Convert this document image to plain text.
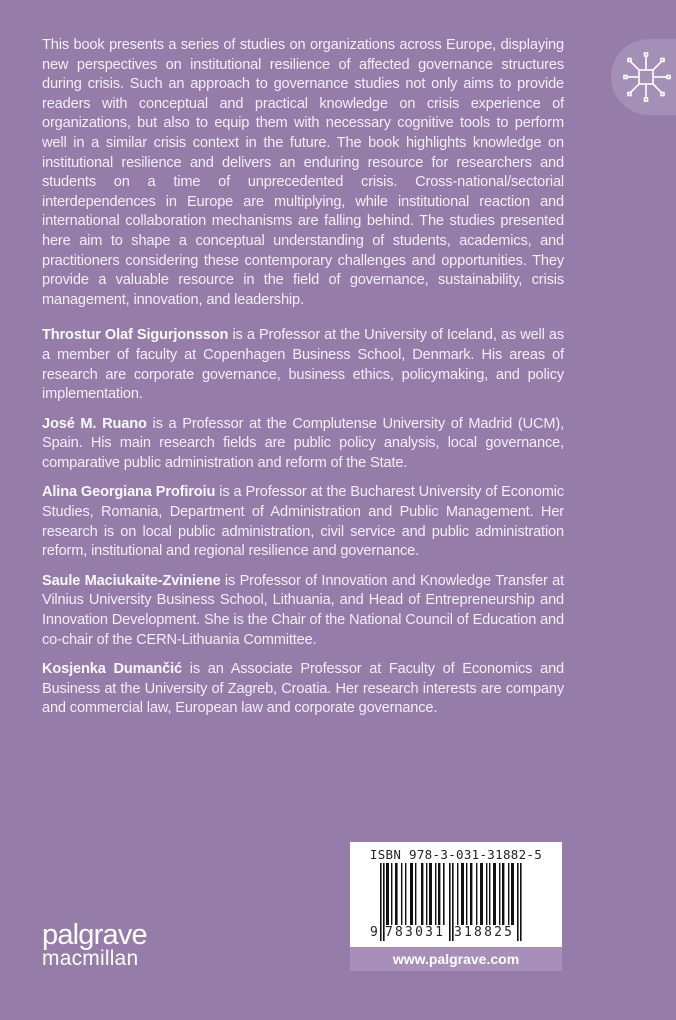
This book presents a series of studies on organizations across Europe, displaying new perspectives on institutional resilience of affected governance structures during crisis. Such an approach to governance studies not only aims to provide readers with conceptual and practical knowledge on crisis experience of organizations, but also to equip them with necessary cognitive tools to perform well in a similar crisis context in the future. The book highlights knowledge on institutional resilience and delivers an enduring resource for researchers and students on a time of unprecedented crisis. Cross-national/sectorial interdependences in Europe are multiplying, while institutional reaction and international collaboration mechanisms are falling behind. The studies presented here aim to shape a conceptual understanding of students, academics, and practitioners considering these contemporary challenges and opportunities. They provide a valuable resource in the field of governance, sustainability, crisis management, innovation, and leadership.

Throstur Olaf Sigurjonsson is a Professor at the University of Iceland, as well as a member of faculty at Copenhagen Business School, Denmark. His areas of research are corporate governance, business ethics, policymaking, and policy implementation.

José M. Ruano is a Professor at the Complutense University of Madrid (UCM), Spain. His main research fields are public policy analysis, local governance, comparative public administration and reform of the State.

Alina Georgiana Profiroiu is a Professor at the Bucharest University of Economic Studies, Romania, Department of Administration and Public Management. Her research is on local public administration, civil service and public administration reform, institutional and regional resilience and governance.

Saule Maciukaite-Zviniene is Professor of Innovation and Knowledge Transfer at Vilnius University Business School, Lithuania, and Head of Entrepreneurship and Innovation Development. She is the Chair of the National Council of Education and co-chair of the CERN-Lithuania Committee.

Kosjenka Dumančić is an Associate Professor at Faculty of Economics and Business at the University of Zagreb, Croatia. Her research interests are company and commercial law, European law and corporate governance.

ISBN 978-3-031-31882-5
9 783031 318825
www.palgrave.com
palgrave
macmillan
